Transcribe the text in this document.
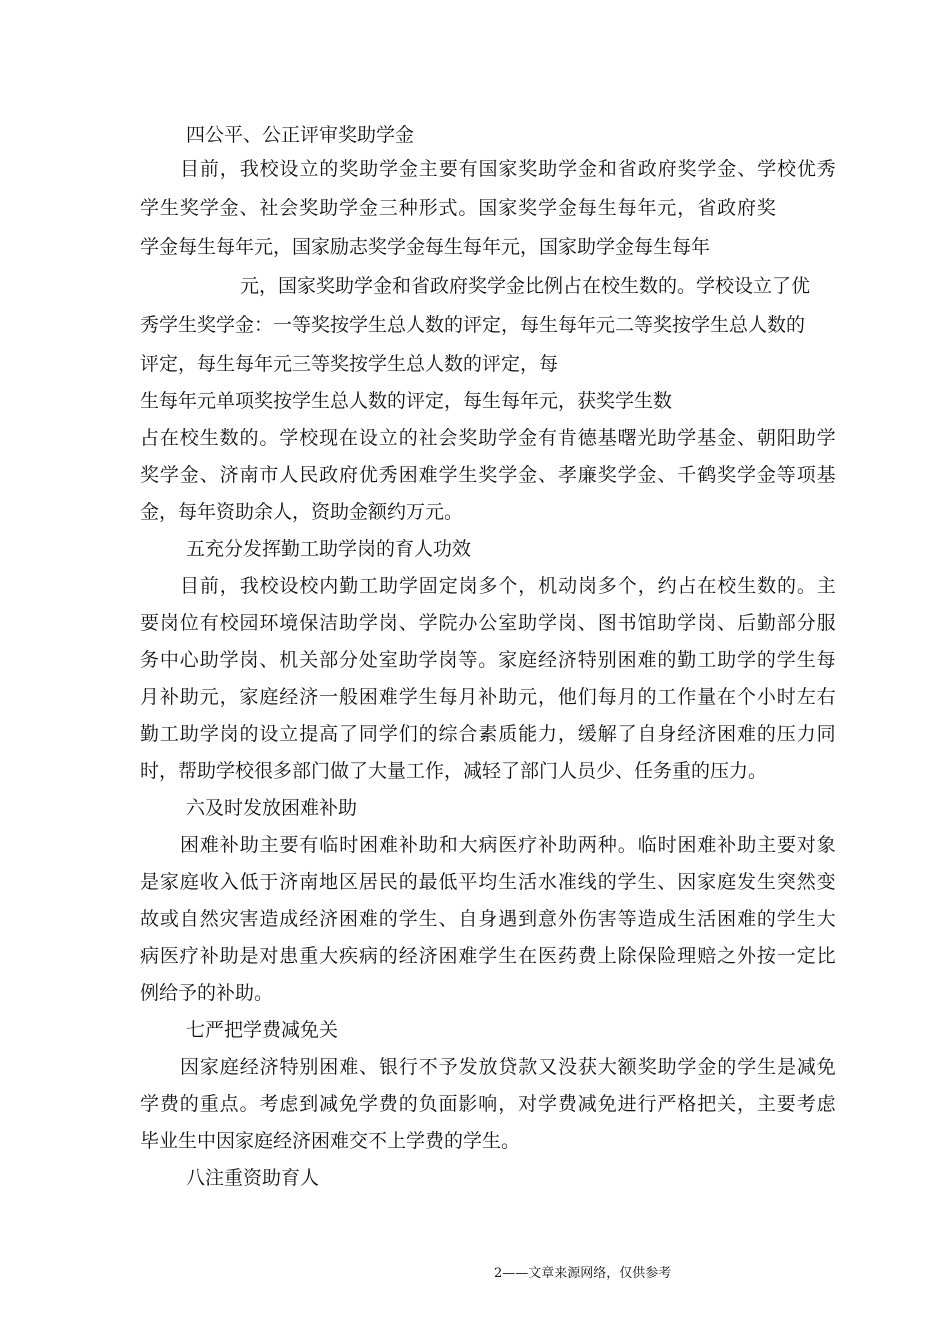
四公平、公正评审奖助学金
目前，我校设立的奖助学金主要有国家奖助学金和省政府奖学金、学校优秀
学生奖学金、社会奖助学金三种形式。国家奖学金每生每年元，省政府奖
学金每生每年元，国家励志奖学金每生每年元，国家助学金每生每年
元，国家奖助学金和省政府奖学金比例占在校生数的。学校设立了优
秀学生奖学金：一等奖按学生总人数的评定，每生每年元二等奖按学生总人数的
评定，每生每年元三等奖按学生总人数的评定，每
生每年元单项奖按学生总人数的评定，每生每年元，获奖学生数
占在校生数的。学校现在设立的社会奖助学金有肯德基曙光助学基金、朝阳助学
奖学金、济南市人民政府优秀困难学生奖学金、孝廉奖学金、千鹤奖学金等项基
金，每年资助余人，资助金额约万元。
五充分发挥勤工助学岗的育人功效
目前，我校设校内勤工助学固定岗多个，机动岗多个，约占在校生数的。主
要岗位有校园环境保洁助学岗、学院办公室助学岗、图书馆助学岗、后勤部分服
务中心助学岗、机关部分处室助学岗等。家庭经济特别困难的勤工助学的学生每
月补助元，家庭经济一般困难学生每月补助元，他们每月的工作量在个小时左右
勤工助学岗的设立提高了同学们的综合素质能力，缓解了自身经济困难的压力同
时，帮助学校很多部门做了大量工作，减轻了部门人员少、任务重的压力。
六及时发放困难补助
困难补助主要有临时困难补助和大病医疗补助两种。临时困难补助主要对象
是家庭收入低于济南地区居民的最低平均生活水准线的学生、因家庭发生突然变
故或自然灾害造成经济困难的学生、自身遇到意外伤害等造成生活困难的学生大
病医疗补助是对患重大疾病的经济困难学生在医药费上除保险理赔之外按一定比
例给予的补助。
七严把学费减免关
因家庭经济特别困难、银行不予发放贷款又没获大额奖助学金的学生是减免
学费的重点。考虑到减免学费的负面影响，对学费减免进行严格把关，主要考虑
毕业生中因家庭经济困难交不上学费的学生。
八注重资助育人
2——文章来源网络，仅供参考
